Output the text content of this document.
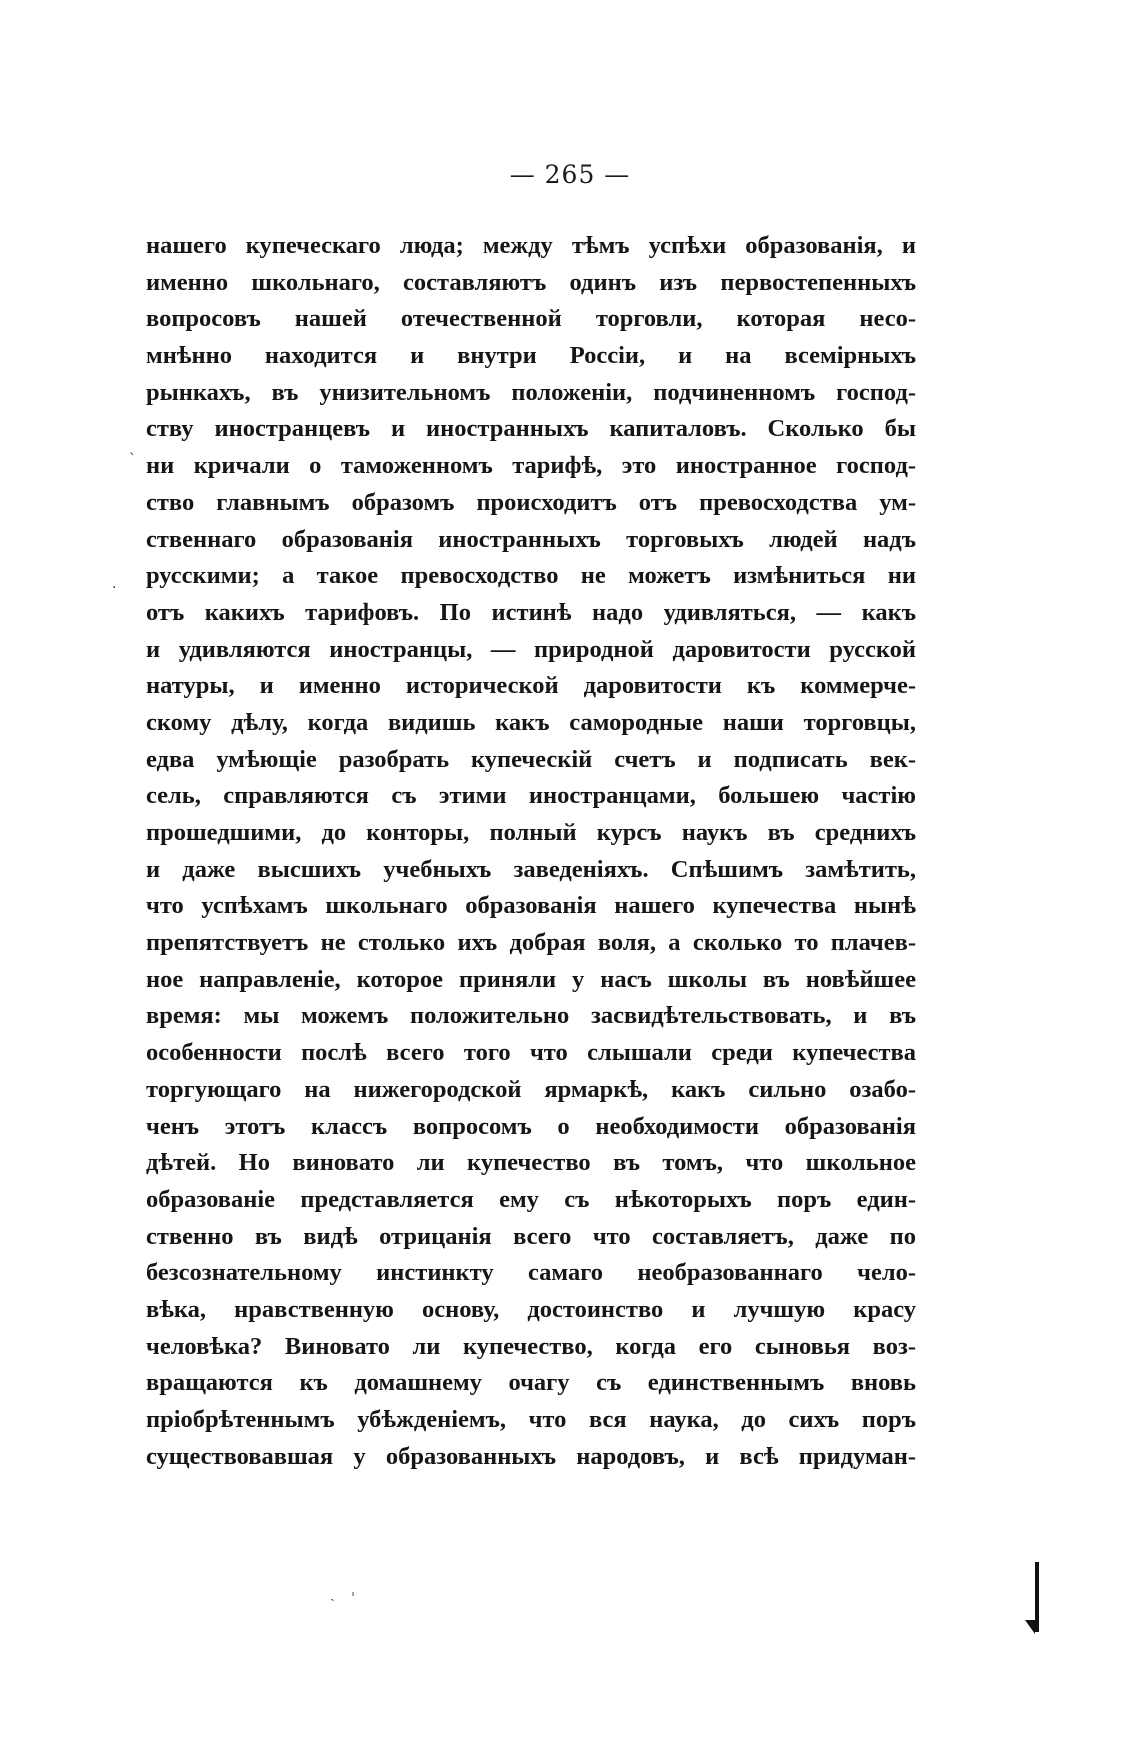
— 265 —
нашего купеческаго люда; между тѣмъ успѣхи образованія, и
именно школьнаго, составляютъ одинъ изъ первостепенныхъ
вопросовъ нашей отечественной торговли, которая несо-
мнѣнно находится и внутри Россіи, и на всемірныхъ
рынкахъ, въ унизительномъ положеніи, подчиненномъ господ-
ству иностранцевъ и иностранныхъ капиталовъ. Сколько бы
ни кричали о таможенномъ тарифѣ, это иностранное господ-
ство главнымъ образомъ происходитъ отъ превосходства ум-
ственнаго образованія иностранныхъ торговыхъ людей надъ
русскими; а такое превосходство не можетъ измѣниться ни
отъ какихъ тарифовъ. По истинѣ надо удивляться, — какъ
и удивляются иностранцы, — природной даровитости русской
натуры, и именно исторической даровитости къ коммерче-
скому дѣлу, когда видишь какъ самородные наши торговцы,
едва умѣющіе разобрать купеческій счетъ и подписать век-
сель, справляются съ этими иностранцами, большею частію
прошедшими, до конторы, полный курсъ наукъ въ среднихъ
и даже высшихъ учебныхъ заведеніяхъ. Спѣшимъ замѣтить,
что успѣхамъ школьнаго образованія нашего купечества нынѣ
препятствуетъ не столько ихъ добрая воля, а сколько то плачев-
ное направленіе, которое приняли у насъ школы въ новѣйшее
время: мы можемъ положительно засвидѣтельствовать, и въ
особенности послѣ всего того что слышали среди купечества
торгующаго на нижегородской ярмаркѣ, какъ сильно озабо-
ченъ этотъ классъ вопросомъ о необходимости образованія
дѣтей. Но виновато ли купечество въ томъ, что школьное
образованіе представляется ему съ нѣкоторыхъ поръ един-
ственно въ видѣ отрицанія всего что составляетъ, даже по
безсознательному инстинкту самаго необразованнаго чело-
вѣка, нравственную основу, достоинство и лучшую красу
человѣка? Виновато ли купечество, когда его сыновья воз-
вращаются къ домашнему очагу съ единственнымъ вновь
пріобрѣтеннымъ убѣжденіемъ, что вся наука, до сихъ поръ
существовавшая у образованныхъ народовъ, и всѣ придуман-
ˋ
·
˴ ˈ
